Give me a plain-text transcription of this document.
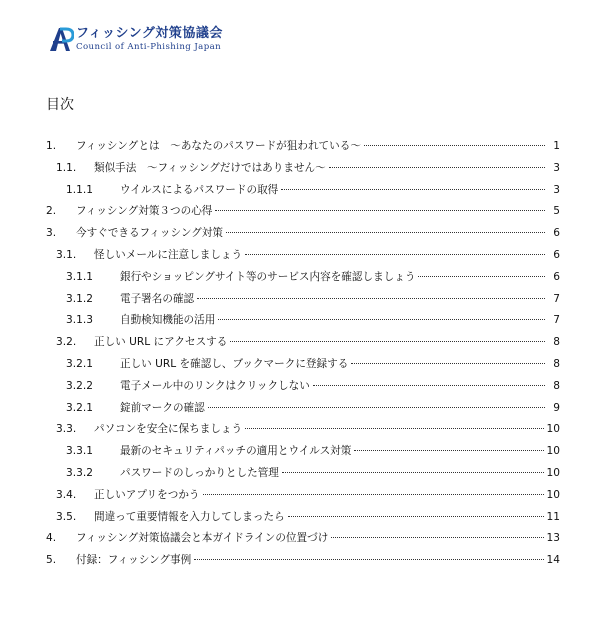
フィッシング対策協議会
Council of Anti-Phishing Japan
目次
1.	フィッシングとは　～あなたのパスワードが狙われている～	1
1.1.	類似手法　～フィッシングだけではありません～	3
1.1.1	ウイルスによるパスワードの取得	3
2.	フィッシング対策３つの心得	5
3.	今すぐできるフィッシング対策	6
3.1.	怪しいメールに注意しましょう	6
3.1.1	銀行やショッピングサイト等のサービス内容を確認しましょう	6
3.1.2	電子署名の確認	7
3.1.3	自動検知機能の活用	7
3.2.	正しい URL にアクセスする	8
3.2.1	正しい URL を確認し、ブックマークに登録する	8
3.2.2	電子メール中のリンクはクリックしない	8
3.2.1	錠前マークの確認	9
3.3.	パソコンを安全に保ちましょう	10
3.3.1	最新のセキュリティパッチの適用とウイルス対策	10
3.3.2	パスワードのしっかりとした管理	10
3.4.	正しいアプリをつかう	10
3.5.	間違って重要情報を入力してしまったら	11
4.	フィッシング対策協議会と本ガイドラインの位置づけ	13
5.	付録：フィッシング事例	14
